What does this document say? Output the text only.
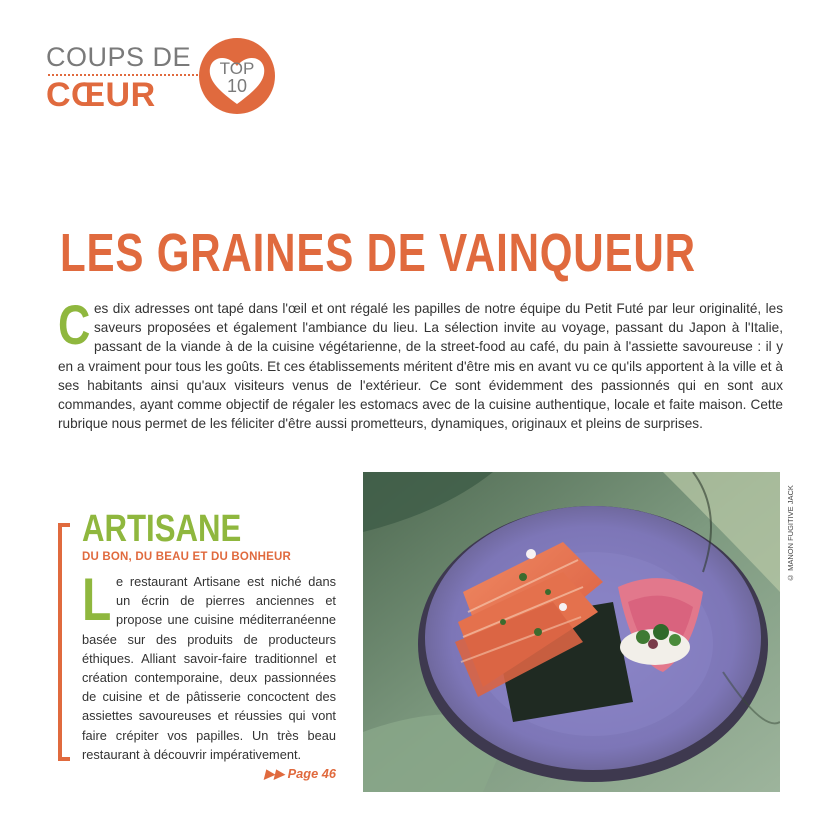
COUPS DE
CŒUR
TOP
10
LES GRAINES DE VAINQUEUR
Ces dix adresses ont tapé dans l'œil et ont régalé les papilles de notre équipe du Petit Futé par leur originalité, les saveurs proposées et également l'ambiance du lieu. La sélection invite au voyage, passant du Japon à l'Italie, passant de la viande à de la cuisine végétarienne, de la street-food au café, du pain à l'assiette savoureuse : il y en a vraiment pour tous les goûts. Et ces établissements méritent d'être mis en avant vu ce qu'ils apportent à la ville et à ses habitants ainsi qu'aux visiteurs venus de l'extérieur. Ce sont évidemment des passionnés qui en sont aux commandes, ayant comme objectif de régaler les estomacs avec de la cuisine authentique, locale et faite maison. Cette rubrique nous permet de les féliciter d'être aussi prometteurs, dynamiques, originaux et pleins de surprises.
ARTISANE
DU BON, DU BEAU ET DU BONHEUR
Le restaurant Artisane est niché dans un écrin de pierres anciennes et propose une cuisine méditerranéenne basée sur des produits de producteurs éthiques. Alliant savoir-faire traditionnel et création contemporaine, deux passionnées de cuisine et de pâtisserie concoctent des assiettes savoureuses et réussies qui vont faire crépiter vos papilles. Un très beau restaurant à découvrir impérativement.
▶▶ Page 46
© MANON FUGITIVE JACK
